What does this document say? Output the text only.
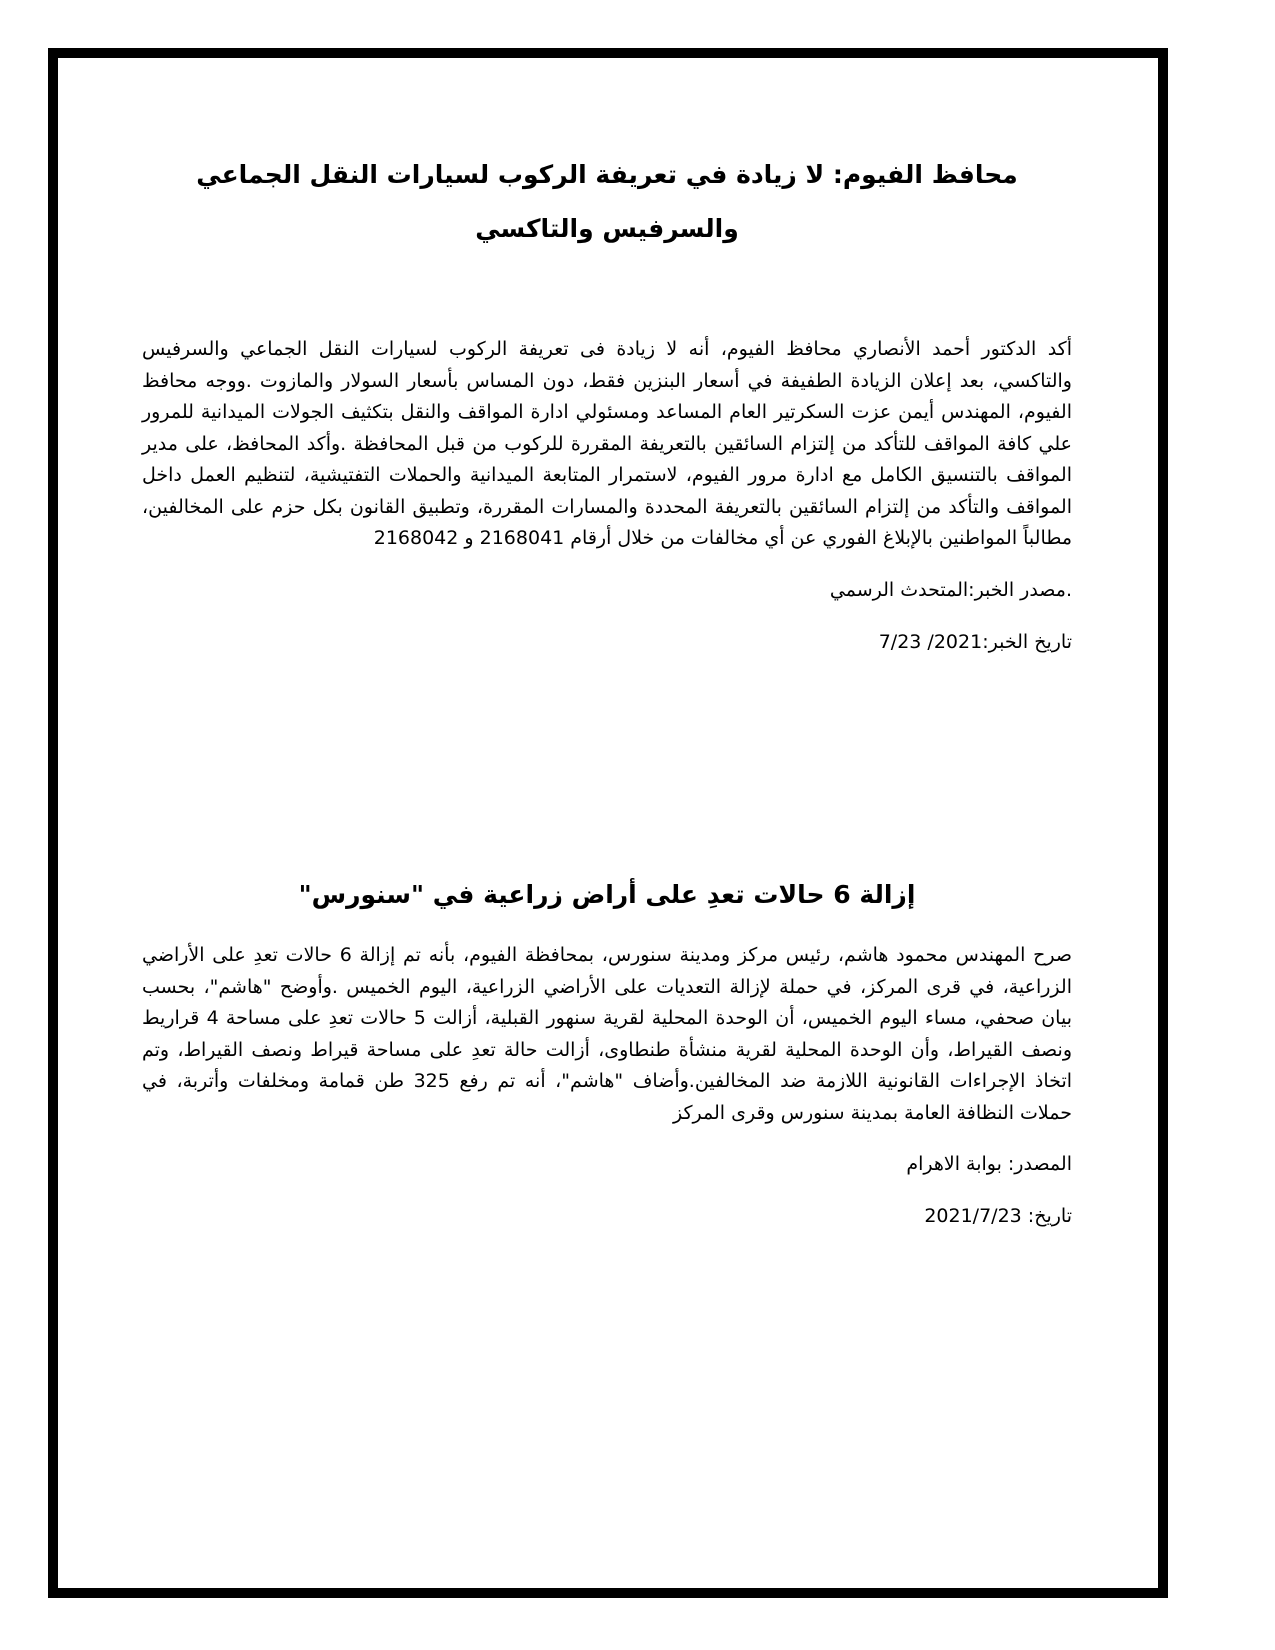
محافظ الفيوم: لا زيادة في تعريفة الركوب لسيارات النقل الجماعي والسرفيس والتاكسي

أكد الدكتور أحمد الأنصاري محافظ الفيوم، أنه لا زيادة فى تعريفة الركوب لسيارات النقل الجماعي والسرفيس والتاكسي، بعد إعلان الزيادة الطفيفة في أسعار البنزين فقط، دون المساس بأسعار السولار والمازوت .ووجه محافظ الفيوم، المهندس أيمن عزت السكرتير العام المساعد ومسئولي ادارة المواقف والنقل بتكثيف الجولات الميدانية للمرور علي كافة المواقف للتأكد من إلتزام السائقين بالتعريفة المقررة للركوب من قبل المحافظة .وأكد المحافظ، على مدير المواقف بالتنسيق الكامل مع ادارة مرور الفيوم، لاستمرار المتابعة الميدانية والحملات التفتيشية، لتنظيم العمل داخل المواقف والتأكد من إلتزام السائقين بالتعريفة المحددة والمسارات المقررة، وتطبيق القانون بكل حزم على المخالفين، مطالباً المواطنين بالإبلاغ الفوري عن أي مخالفات من خلال أرقام 2168041 و 2168042

.مصدر الخبر:المتحدث الرسمي

تاريخ الخبر:2021/ 7/23

إزالة 6 حالات تعدِ على أراض زراعية في "سنورس"

صرح المهندس محمود هاشم، رئيس مركز ومدينة سنورس، بمحافظة الفيوم، بأنه تم إزالة 6 حالات تعدِ على الأراضي الزراعية، في قرى المركز، في حملة لإزالة التعديات على الأراضي الزراعية، اليوم الخميس .وأوضح "هاشم"، بحسب بيان صحفي، مساء اليوم الخميس، أن الوحدة المحلية لقرية سنهور القبلية، أزالت 5 حالات تعدِ على مساحة 4 قراريط ونصف القيراط، وأن الوحدة المحلية لقرية منشأة طنطاوى، أزالت حالة تعدِ على مساحة قيراط ونصف القيراط، وتم اتخاذ الإجراءات القانونية اللازمة ضد المخالفين.وأضاف "هاشم"، أنه تم رفع 325 طن قمامة ومخلفات وأتربة، في حملات النظافة العامة بمدينة سنورس وقرى المركز

المصدر: بوابة الاهرام

تاريخ: 2021/7/23
